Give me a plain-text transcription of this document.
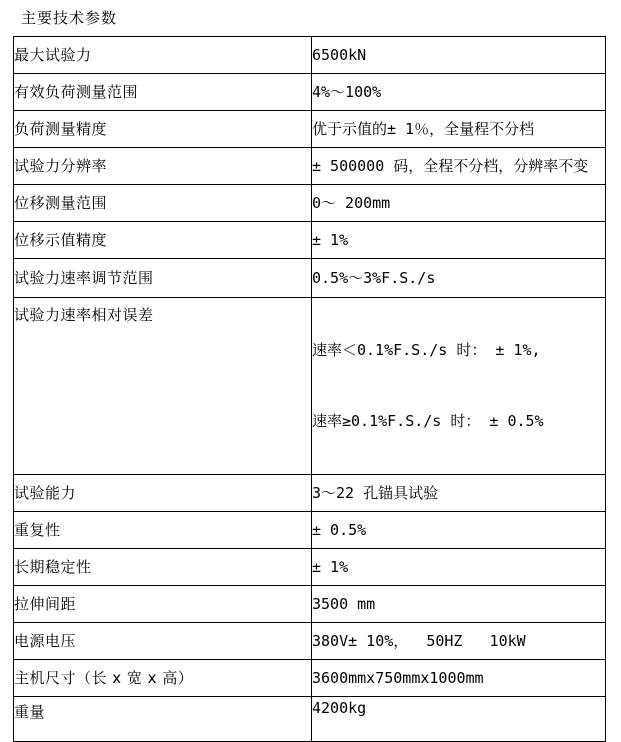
主要技术参数
最大试验力	6500kN
有效负荷测量范围	4%～100%
负荷测量精度	优于示值的± 1％，全量程不分档
试验力分辨率	± 500000 码，全程不分档，分辨率不变
位移测量范围	0～ 200mm
位移示值精度	± 1%
试验力速率调节范围	0.5%～3%F.S./s
试验力速率相对误差	速率＜0.1%F.S./s 时： ± 1%,

速率≥0.1%F.S./s 时： ± 0.5%

试验能力	3～22 孔锚具试验
重复性	± 0.5%
长期稳定性	± 1%
拉伸间距	3500 mm
电源电压	380V± 10%，  50HZ   10kW
主机尺寸（长 x 宽 x 高）	3600mmx750mmx1000mm
重量	4200kg
